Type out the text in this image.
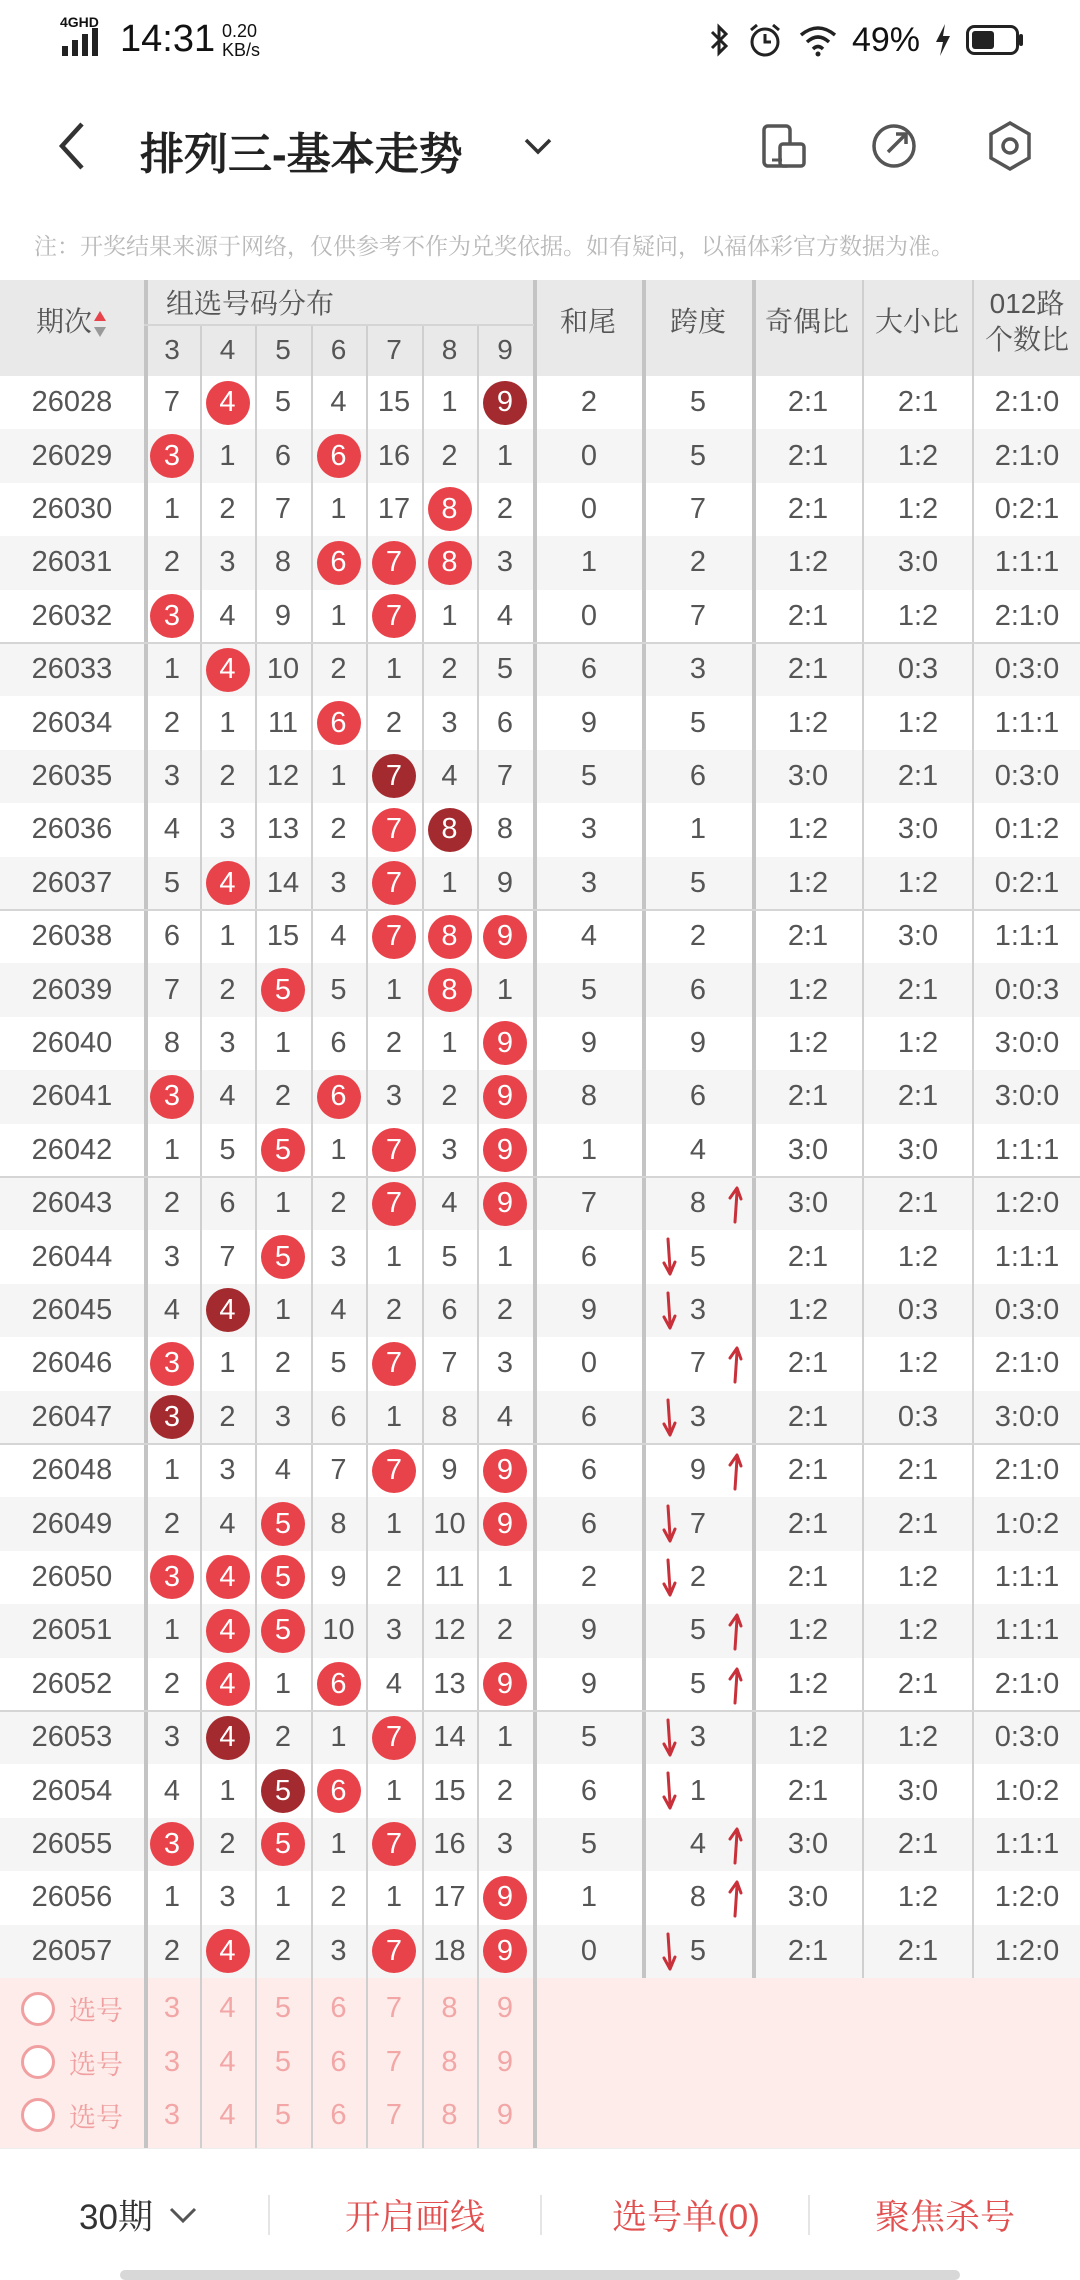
4GHD 14:31 0.20
KB/s	49%
排列三-基本走势
注：开奖结果来源于网络，仅供参考不作为兑奖依据。如有疑问，以福体彩官方数据为准。
期次
组选号码分布
和尾	跨度	奇偶比 大小比
012路
个数比
3	4	5	6	7	8	9
26028	7	4	5	4	15	1	9	2	5	2:1	2:1	2:1:0
26029	3	1	6	6	16	2	1	0	5	2:1	1:2	2:1:0
26030	1	2	7	1	17	8	2	0	7	2:1	1:2	0:2:1
26031	2	3	8	6	7	8	3	1	2	1:2	3:0	1:1:1
26032	3	4	9	1	7	1	4	0	7	2:1	1:2	2:1:0
26033	1	4	10	2	1	2	5	6	3	2:1	0:3	0:3:0
26034	2	1	11	6	2	3	6	9	5	1:2	1:2	1:1:1
26035	3	2	12	1	7	4	7	5	6	3:0	2:1	0:3:0
26036	4	3	13	2	7	8	8	3	1	1:2	3:0	0:1:2
26037	5	4	14	3	7	1	9	3	5	1:2	1:2	0:2:1
26038	6	1	15	4	7	8	9	4	2	2:1	3:0	1:1:1
26039	7	2	5	5	1	8	1	5	6	1:2	2:1	0:0:3
26040	8	3	1	6	2	1	9	9	9	1:2	1:2	3:0:0
26041	3	4	2	6	3	2	9	8	6	2:1	2:1	3:0:0
26042	1	5	5	1	7	3	9	1	4	3:0	3:0	1:1:1
26043	2	6	1	2	7	4	9	7	8	3:0	2:1	1:2:0
26044	3	7	5	3	1	5	1	6	5	2:1	1:2	1:1:1
26045	4	4	1	4	2	6	2	9	3	1:2	0:3	0:3:0
26046	3	1	2	5	7	7	3	0	7	2:1	1:2	2:1:0
26047	3	2	3	6	1	8	4	6	3	2:1	0:3	3:0:0
26048	1	3	4	7	7	9	9	6	9	2:1	2:1	2:1:0
26049	2	4	5	8	1	10	9	6	7	2:1	2:1	1:0:2
26050	3	4	5	9	2	11	1	2	2	2:1	1:2	1:1:1
26051	1	4	5	10	3	12	2	9	5	1:2	1:2	1:1:1
26052	2	4	1	6	4	13	9	9	5	1:2	2:1	2:1:0
26053	3	4	2	1	7	14	1	5	3	1:2	1:2	0:3:0
26054	4	1	5	6	1	15	2	6	1	2:1	3:0	1:0:2
26055	3	2	5	1	7	16	3	5	4	3:0	2:1	1:1:1
26056	1	3	1	2	1	17	9	1	8	3:0	1:2	1:2:0
26057	2	4	2	3	7	18	9	0	5	2:1	2:1	1:2:0
选号	3	4	5	6	7	8	9
选号	3	4	5	6	7	8	9
选号	3	4	5	6	7	8	9
30期	开启画线	选号单(0)	聚焦杀号
